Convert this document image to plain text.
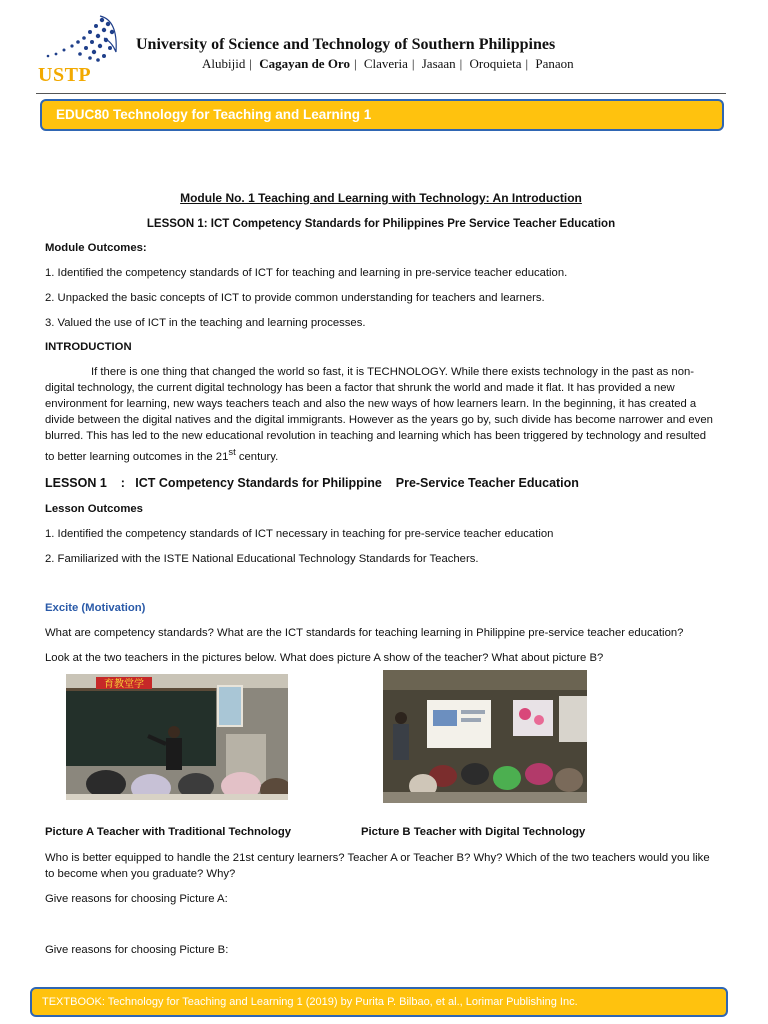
USTP
University of Science and Technology of Southern Philippines
Alubijid | Cagayan de Oro | Claveria | Jasaan | Oroquieta | Panaon
EDUC80 Technology for Teaching and Learning 1

Module No. 1 Teaching and Learning with Technology: An Introduction

LESSON 1: ICT Competency Standards for Philippines Pre Service Teacher Education

Module Outcomes:

1. Identified the competency standards of ICT for teaching and learning in pre-service teacher education.

2. Unpacked the basic concepts of ICT to provide common understanding for teachers and learners.

3. Valued the use of ICT in the teaching and learning processes.

INTRODUCTION

If there is one thing that changed the world so fast, it is TECHNOLOGY. While there exists technology in the past as non-digital technology, the current digital technology has been a factor that shrunk the world and made it flat. It has provided a new environment for learning, new ways teachers teach and also the new ways of how learners learn. In the beginning, it has created a divide between the digital natives and the digital immigrants. However as the years go by, such divide has become narrower and even blurred. This has led to the new educational revolution in teaching and learning which has been triggered by technology and resulted to better learning outcomes in the 21st century.

LESSON 1    :   ICT Competency Standards for Philippine    Pre-Service Teacher Education

Lesson Outcomes

1. Identified the competency standards of ICT necessary in teaching for pre-service teacher education

2. Familiarized with the ISTE National Educational Technology Standards for Teachers.

Excite (Motivation)

What are competency standards? What are the ICT standards for teaching learning in Philippine pre-service teacher education?

Look at the two teachers in the pictures below. What does picture A show of the teacher? What about picture B?

育教堂学
Picture A Teacher with Traditional Technology	Picture B Teacher with Digital Technology

Who is better equipped to handle the 21st century learners? Teacher A or Teacher B? Why? Which of the two teachers would you like to become when you graduate? Why?

Give reasons for choosing Picture A:

Give reasons for choosing Picture B:

TEXTBOOK: Technology for Teaching and Learning 1 (2019) by Purita P. Bilbao, et al., Lorimar Publishing Inc.
